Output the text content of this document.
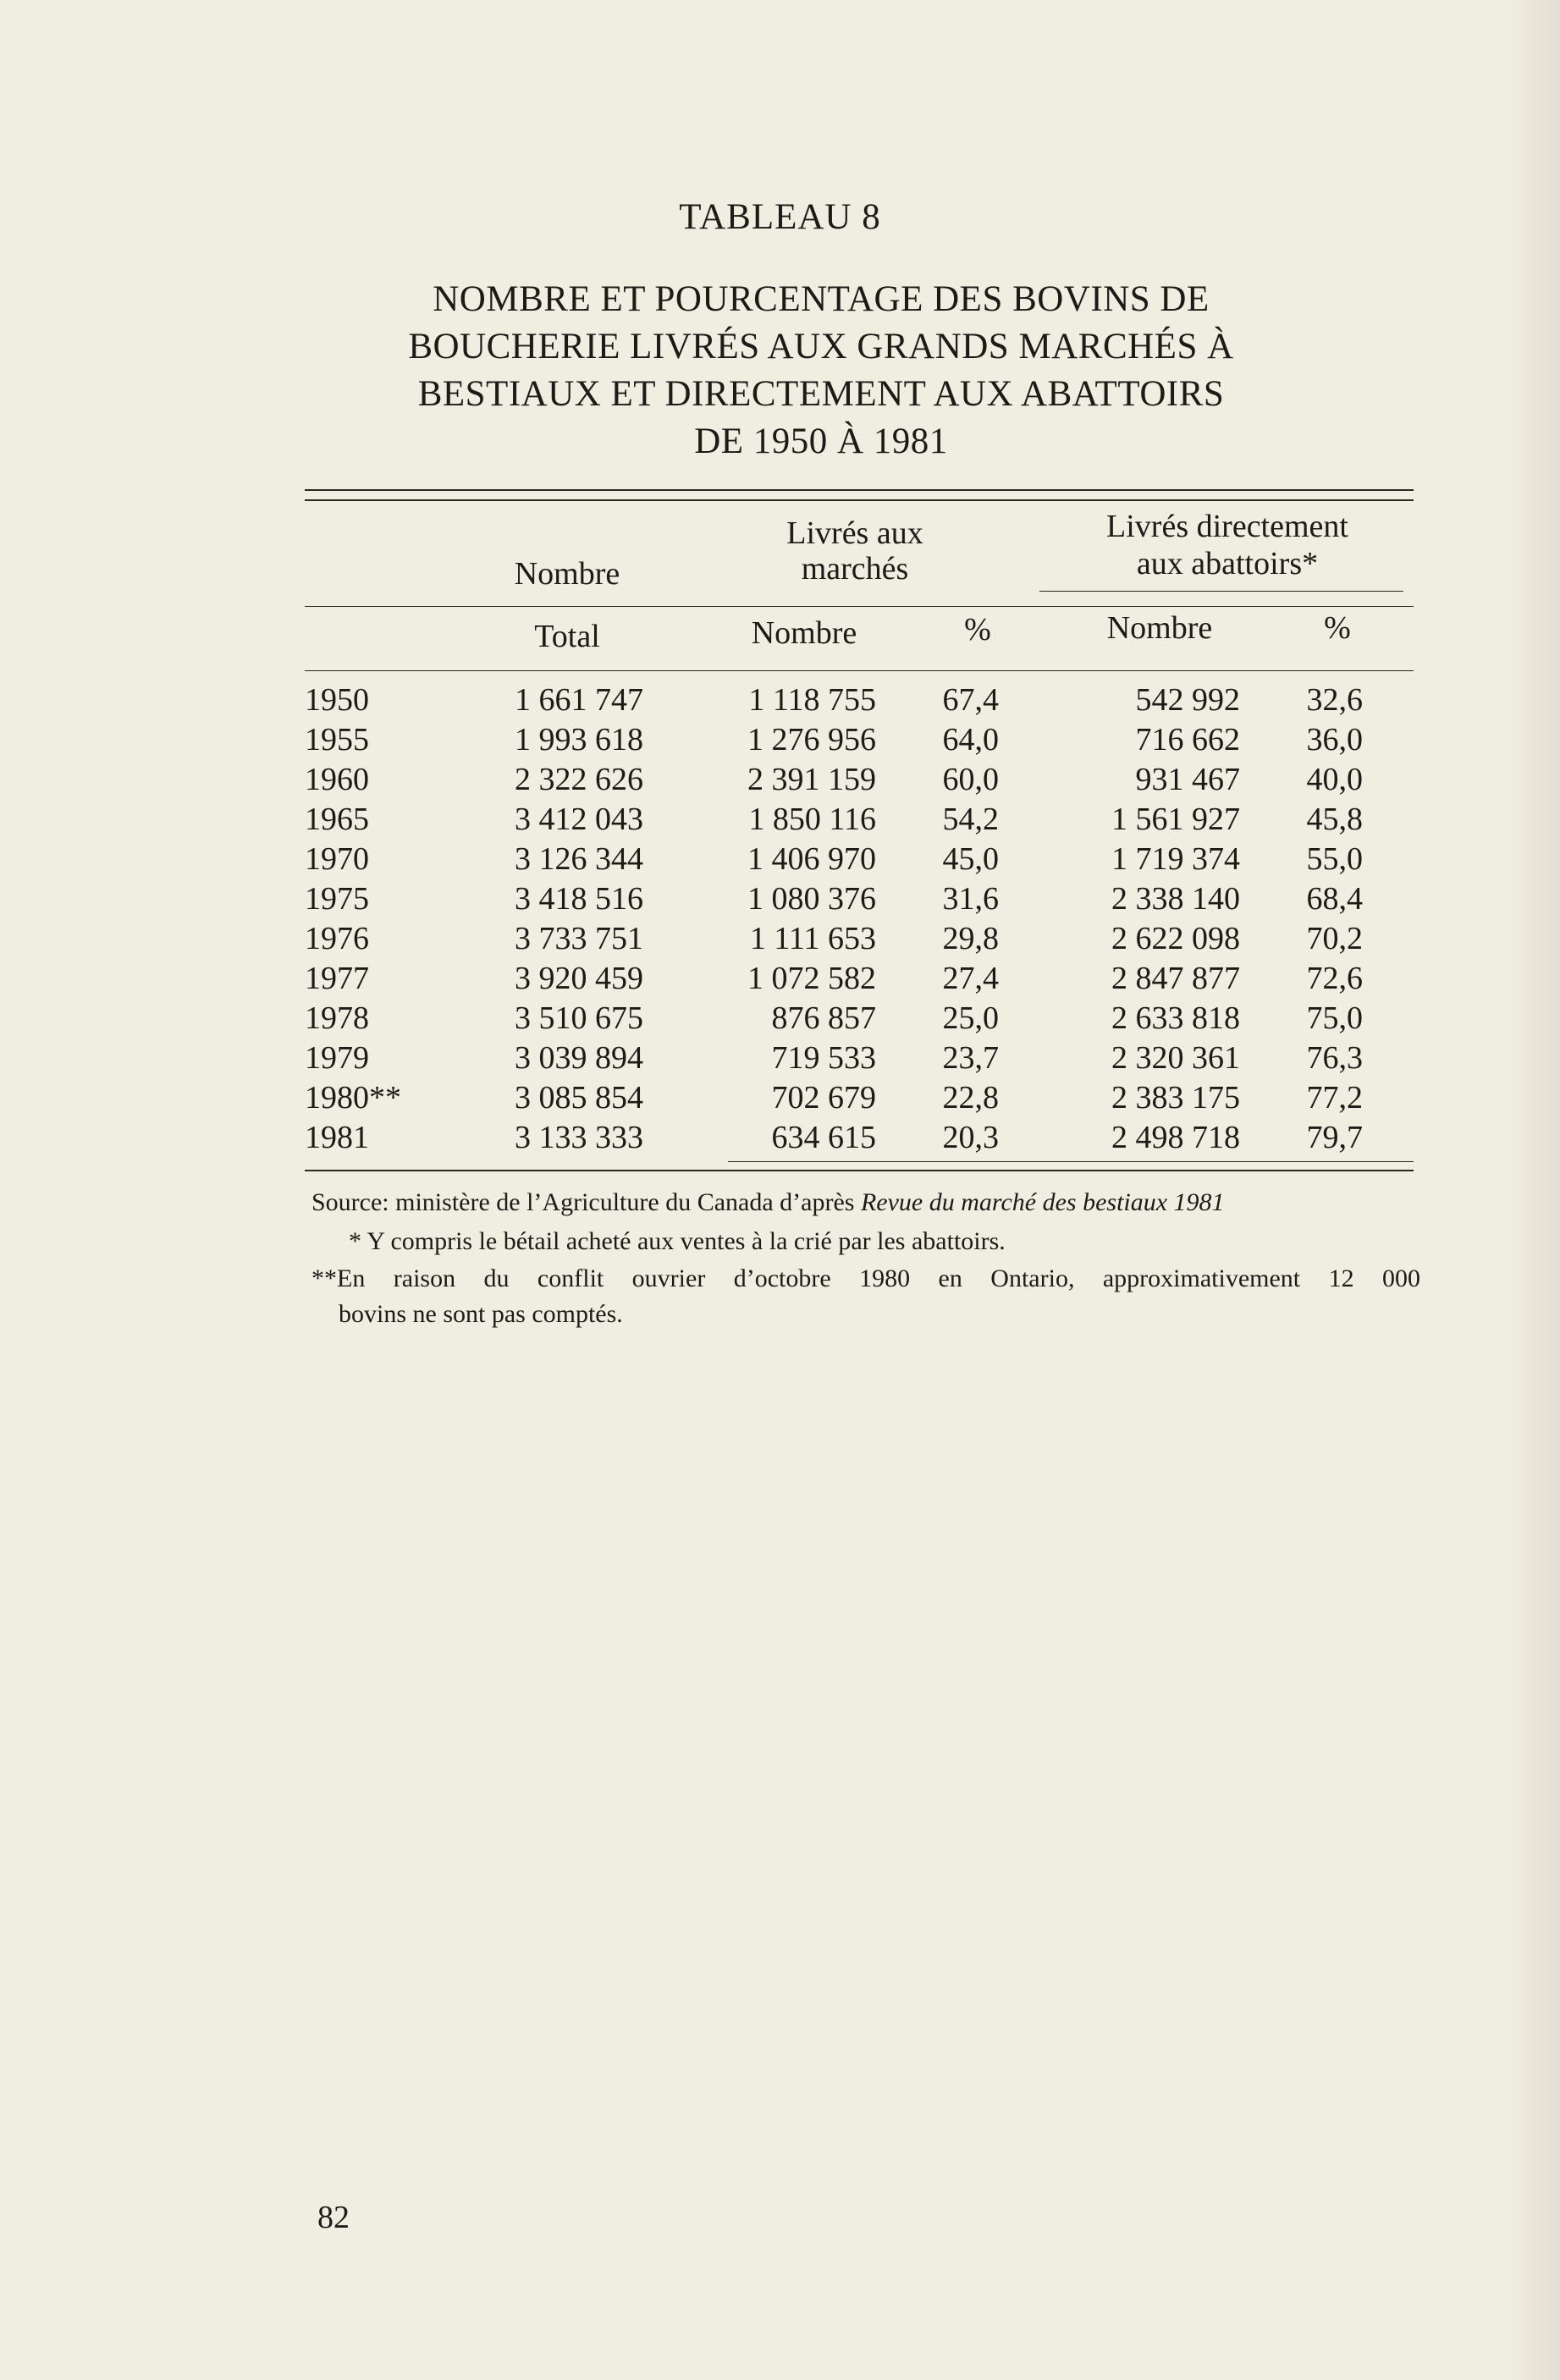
TABLEAU 8
NOMBRE ET POURCENTAGE DES BOVINS DE
BOUCHERIE LIVRÉS AUX GRANDS MARCHÉS À
BESTIAUX ET DIRECTEMENT AUX ABATTOIRS
DE 1950 À 1981
Nombre
Livrés aux
marchés
Livrés directement
aux abattoirs*
Total	Nombre	%	Nombre	%
1950	1 661 747	1 118 755	67,4	542 992	32,6
1955	1 993 618	1 276 956	64,0	716 662	36,0
1960	2 322 626	2 391 159	60,0	931 467	40,0
1965	3 412 043	1 850 116	54,2	1 561 927	45,8
1970	3 126 344	1 406 970	45,0	1 719 374	55,0
1975	3 418 516	1 080 376	31,6	2 338 140	68,4
1976	3 733 751	1 111 653	29,8	2 622 098	70,2
1977	3 920 459	1 072 582	27,4	2 847 877	72,6
1978	3 510 675	876 857	25,0	2 633 818	75,0
1979	3 039 894	719 533	23,7	2 320 361	76,3
1980**	3 085 854	702 679	22,8	2 383 175	77,2
1981	3 133 333	634 615	20,3	2 498 718	79,7
Source: ministère de l’Agriculture du Canada d’après Revue du marché des bestiaux 1981
* Y compris le bétail acheté aux ventes à la crié par les abattoirs.
**En raison du conflit ouvrier d’octobre 1980 en Ontario, approximativement 12 000
bovins ne sont pas comptés.
82
